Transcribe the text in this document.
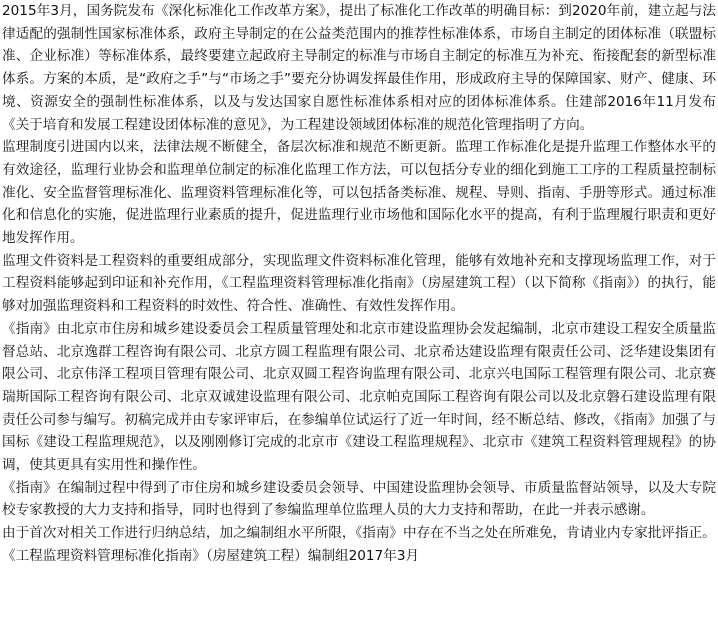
2015年3月，国务院发布《深化标准化工作改革方案》，提出了标准化工作改革的明确目标：到2020年前，建立起与法律适配的强制性国家标准体系，政府主导制定的在公益类范围内的推荐性标准体系，市场自主制定的团体标准（联盟标准、企业标准）等标准体系，最终要建立起政府主导制定的标准与市场自主制定的标准互为补充、衔接配套的新型标准体系。方案的本质，是“政府之手”与“市场之手”要充分协调发挥最佳作用，形成政府主导的保障国家、财产、健康、环境、资源安全的强制性标准体系，以及与发达国家自愿性标准体系相对应的团体标准体系。住建部2016年11月发布《关于培育和发展工程建设团体标准的意见》，为工程建设领域团体标准的规范化管理指明了方向。

监理制度引进国内以来，法律法规不断健全，备层次标准和规范不断更新。监理工作标准化是提升监理工作整体水平的有效途径，监理行业协会和监理单位制定的标准化监理工作方法，可以包括分专业的细化到施工工序的工程质量控制标准化、安全监督管理标准化、监理资料管理标准化等，可以包括备类标准、规程、导则、指南、手册等形式。通过标准化和信息化的实施，促进监理行业素质的提升，促进监理行业市场他和国际化水平的提高，有利于监理履行职责和更好地发挥作用。

监理文件资料是工程资料的重要组成部分，实现监理文件资料标准化管理，能够有效地补充和支撑现场监理工作，对于工程资料能够起到印证和补充作用，《工程监理资料管理标准化指南》（房屋建筑工程）（以下简称《指南》）的执行，能够对加强监理资料和工程资料的时效性、符合性、准确性、有效性发挥作用。

《指南》由北京市住房和城乡建设委员会工程质量管理处和北京市建设监理协会发起编制，北京市建设工程安全质量监督总站、北京逸群工程咨询有限公司、北京方圆工程监理有限公司、北京希达建设监理有限责任公司、泛华建设集团有限公司、北京伟泽工程项目管理有限公司、北京双圆工程咨询监理有限公司、北京兴电国际工程管理有限公司、北京赛瑞斯国际工程咨询有限公司、北京双诚建设监理有限公司、北京帕克国际工程咨询有限公司以及北京磐石建设监理有限责任公司参与编写。初稿完成并由专家评审后，在参编单位试运行了近一年时间，经不断总结、修改，《指南》加强了与国标《建设工程监理规范》，以及刚刚修订完成的北京市《建设工程监理规程》、北京市《建筑工程资料管理规程》的协调，使其更具有实用性和操作性。

《指南》在编制过程中得到了市住房和城乡建设委员会领导、中国建设监理协会领导、市质量监督站领导，以及大专院校专家教授的大力支持和指导，同时也得到了参编监理单位监理人员的大力支持和帮助，在此一并表示感谢。

由于首次对相关工作进行归纳总结，加之编制组水平所限，《指南》中存在不当之处在所难免，肯请业内专家批评指正。

《工程监理资料管理标准化指南》（房屋建筑工程）编制组2017年3月
